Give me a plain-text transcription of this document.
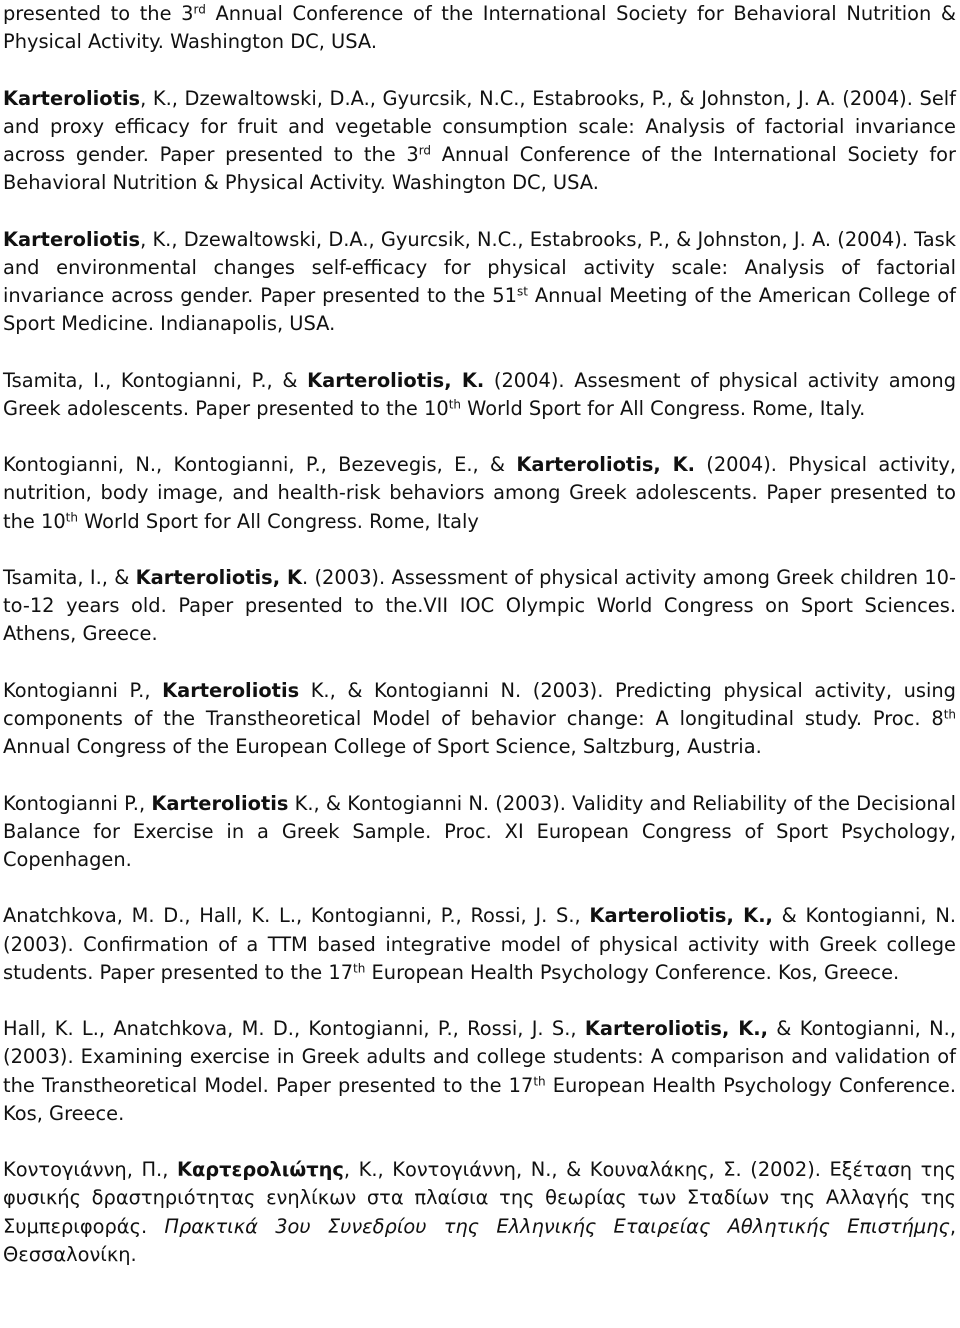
presented to the 3rd Annual Conference of the International Society for Behavioral Nutrition & Physical Activity. Washington DC, USA.

Karteroliotis, K., Dzewaltowski, D.A., Gyurcsik, N.C., Estabrooks, P., & Johnston, J. A. (2004). Self and proxy efficacy for fruit and vegetable consumption scale: Analysis of factorial invariance across gender. Paper presented to the 3rd Annual Conference of the International Society for Behavioral Nutrition & Physical Activity. Washington DC, USA.

Karteroliotis, K., Dzewaltowski, D.A., Gyurcsik, N.C., Estabrooks, P., & Johnston, J. A. (2004). Task and environmental changes self-efficacy for physical activity scale: Analysis of factorial invariance across gender. Paper presented to the 51st Annual Meeting of the American College of Sport Medicine. Indianapolis, USA.

Tsamita, I., Kontogianni, P., & Karteroliotis, K. (2004). Assesment of physical activity among Greek adolescents. Paper presented to the 10th World Sport for All Congress. Rome, Italy.

Kontogianni, N., Kontogianni, P., Bezevegis, E., & Karteroliotis, K. (2004). Physical activity, nutrition, body image, and health-risk behaviors among Greek adolescents. Paper presented to the 10th World Sport for All Congress. Rome, Italy

Tsamita, I., & Karteroliotis, K. (2003). Assessment of physical activity among Greek children 10-to-12 years old. Paper presented to the.VII IOC Olympic World Congress on Sport Sciences. Athens, Greece.

Kontogianni P., Karteroliotis K., & Kontogianni N. (2003). Predicting physical activity, using components of the Transtheoretical Model of behavior change: A longitudinal study. Proc. 8th Annual Congress of the European College of Sport Science, Saltzburg, Austria.

Kontogianni P., Karteroliotis K., & Kontogianni N. (2003). Validity and Reliability of the Decisional Balance for Exercise in a Greek Sample. Proc. XI European Congress of Sport Psychology, Copenhagen.

Anatchkova, M. D., Hall, K. L., Kontogianni, P., Rossi, J. S., Karteroliotis, K., & Kontogianni, N. (2003). Confirmation of a TTM based integrative model of physical activity with Greek college students. Paper presented to the 17th European Health Psychology Conference. Kos, Greece.

Hall, K. L., Anatchkova, M. D., Kontogianni, P., Rossi, J. S., Karteroliotis, K., & Kontogianni, N., (2003). Examining exercise in Greek adults and college students: A comparison and validation of the Transtheoretical Model. Paper presented to the 17th European Health Psychology Conference. Kos, Greece.

Κοντογιάννη, Π., Καρτερολιώτης, Κ., Κοντογιάννη, Ν., & Κουναλάκης, Σ. (2002). Εξέταση της φυσικής δραστηριότητας ενηλίκων στα πλαίσια της θεωρίας των Σταδίων της Αλλαγής της Συμπεριφοράς. Πρακτικά 3ου Συνεδρίου της Ελληνικής Εταιρείας Αθλητικής Επιστήμης, Θεσσαλονίκη.
